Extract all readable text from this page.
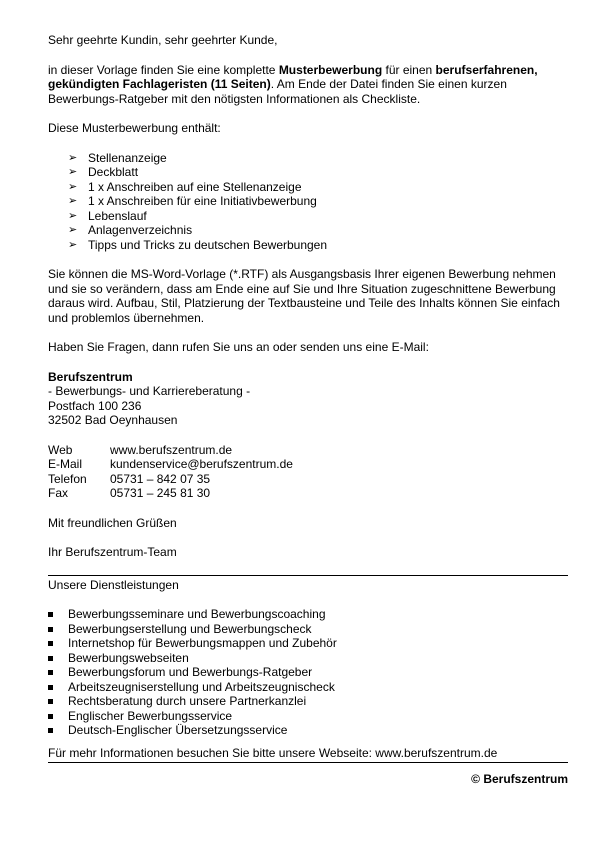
Sehr geehrte Kundin, sehr geehrter Kunde,

in dieser Vorlage finden Sie eine komplette Musterbewerbung für einen berufserfahrenen, gekündigten Fachlageristen (11 Seiten). Am Ende der Datei finden Sie einen kurzen Bewerbungs-Ratgeber mit den nötigsten Informationen als Checkliste.

Diese Musterbewerbung enthält:

➢ Stellenanzeige
➢ Deckblatt
➢ 1 x Anschreiben auf eine Stellenanzeige
➢ 1 x Anschreiben für eine Initiativbewerbung
➢ Lebenslauf
➢ Anlagenverzeichnis
➢ Tipps und Tricks zu deutschen Bewerbungen

Sie können die MS-Word-Vorlage (*.RTF) als Ausgangsbasis Ihrer eigenen Bewerbung nehmen und sie so verändern, dass am Ende eine auf Sie und Ihre Situation zugeschnittene Bewerbung daraus wird. Aufbau, Stil, Platzierung der Textbausteine und Teile des Inhalts können Sie einfach und problemlos übernehmen.

Haben Sie Fragen, dann rufen Sie uns an oder senden uns eine E-Mail:

Berufszentrum

- Bewerbungs- und Karriereberatung -

Postfach 100 236

32502 Bad Oeynhausen

Web	www.berufszentrum.de
E-Mail	kundenservice@berufszentrum.de
Telefon	05731 – 842 07 35
Fax	05731 – 245 81 30

Mit freundlichen Grüßen

Ihr Berufszentrum-Team

Unsere Dienstleistungen

Bewerbungsseminare und Bewerbungscoaching
Bewerbungserstellung und Bewerbungscheck
Internetshop für Bewerbungsmappen und Zubehör
Bewerbungswebseiten
Bewerbungsforum und Bewerbungs-Ratgeber
Arbeitszeugniserstellung und Arbeitszeugnischeck
Rechtsberatung durch unsere Partnerkanzlei
Englischer Bewerbungsservice
Deutsch-Englischer Übersetzungsservice

Für mehr Informationen besuchen Sie bitte unsere Webseite: www.berufszentrum.de

© Berufszentrum
